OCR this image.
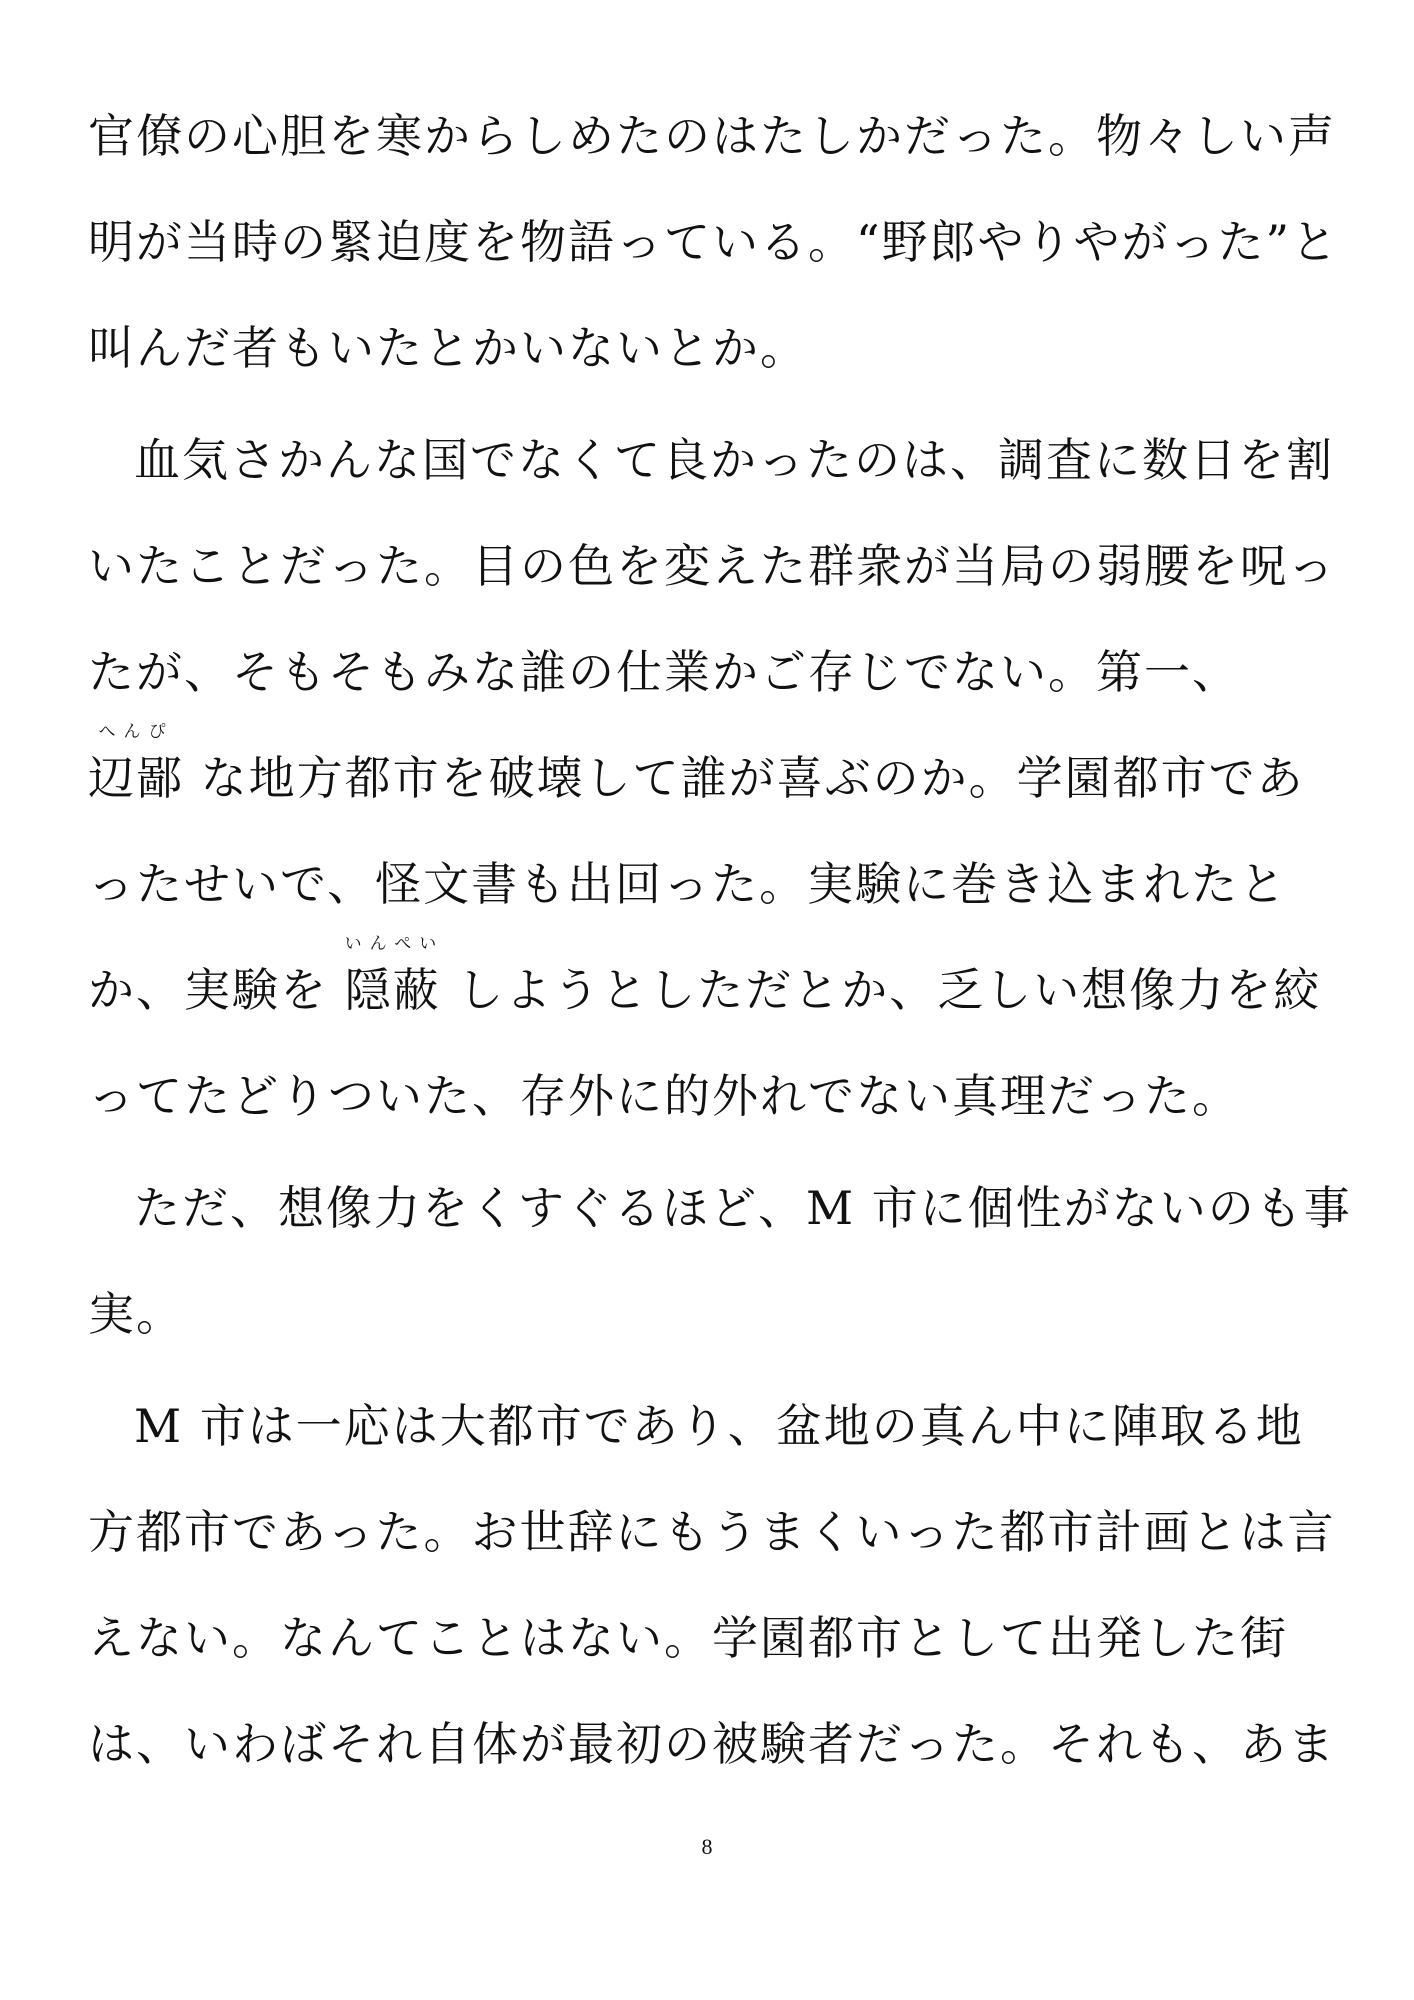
官僚の心胆を寒からしめたのはたしかだった。物々しい声
明が当時の緊迫度を物語っている。“野郎やりやがった”と
叫んだ者もいたとかいないとか。
血気さかんな国でなくて良かったのは、調査に数日を割
いたことだった。目の色を変えた群衆が当局の弱腰を呪っ
たが、そもそもみな誰の仕業かご存じでない。第一、
へんぴ
辺鄙 な地方都市を破壊して誰が喜ぶのか。学園都市であ
ったせいで、怪文書も出回った。実験に巻き込まれたと
か、実験を
いんぺい
隠蔽 しようとしただとか、乏しい想像力を絞
ってたどりついた、存外に的外れでない真理だった。
ただ、想像力をくすぐるほど、M 市に個性がないのも事
実。
M 市は一応は大都市であり、盆地の真ん中に陣取る地
方都市であった。お世辞にもうまくいった都市計画とは言
えない。なんてことはない。学園都市として出発した街
は、いわばそれ自体が最初の被験者だった。それも、あま
8
